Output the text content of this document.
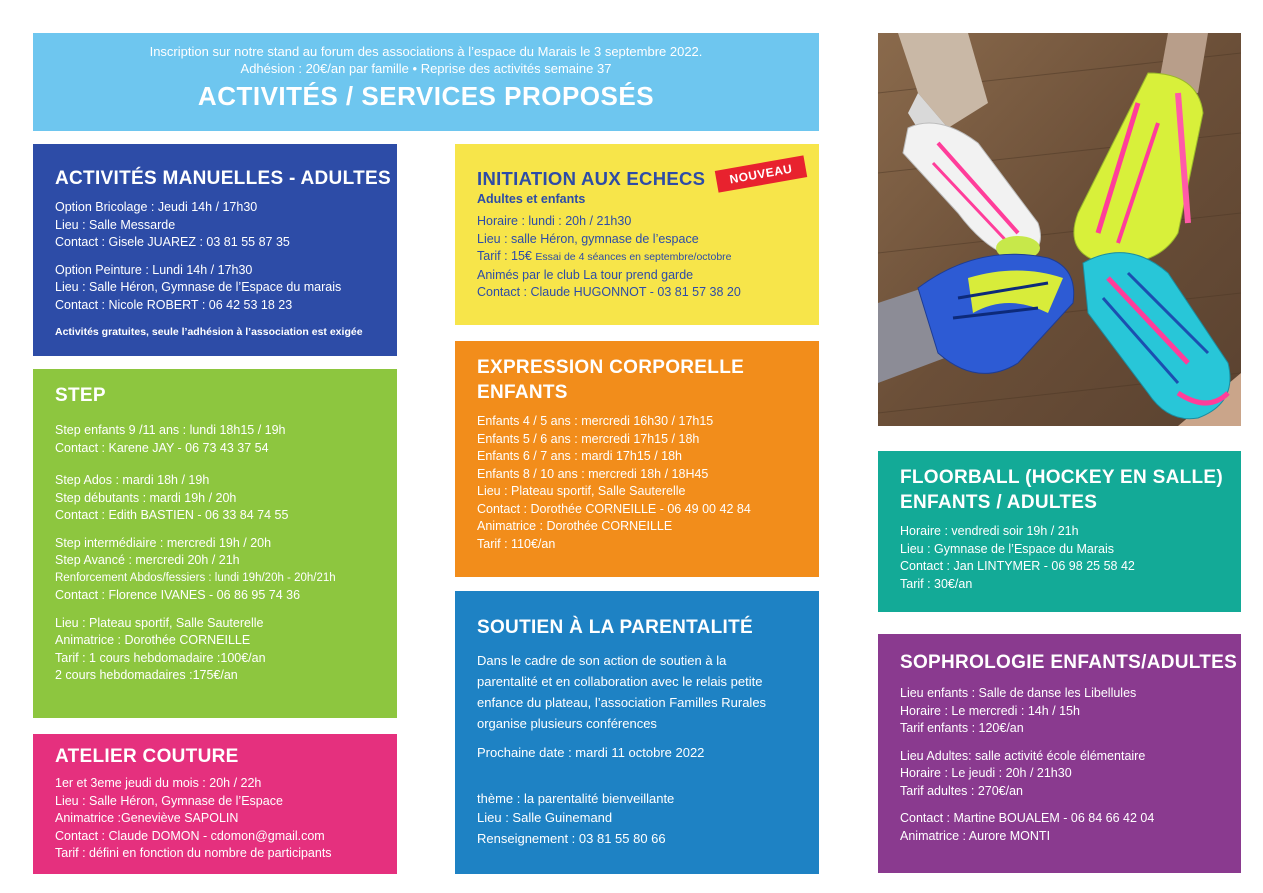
Inscription sur notre stand au forum des associations à l’espace du Marais le 3 septembre 2022.
Adhésion : 20€/an par famille • Reprise des activités semaine 37
ACTIVITÉS / SERVICES PROPOSÉS
ACTIVITÉS MANUELLES - ADULTES

Option Bricolage : Jeudi 14h / 17h30

Lieu : Salle Messarde

Contact : Gisele JUAREZ : 03 81 55 87 35

Option Peinture : Lundi 14h / 17h30

Lieu : Salle Héron, Gymnase de l’Espace du marais

Contact : Nicole ROBERT : 06 42 53 18 23

Activités gratuites, seule l’adhésion à l’association est exigée

STEP

Step enfants 9 /11 ans : lundi 18h15 / 19h

Contact : Karene JAY - 06 73 43 37 54

Step Ados : mardi 18h / 19h

Step débutants : mardi 19h / 20h

Contact : Edith BASTIEN - 06 33 84 74 55

Step intermédiaire : mercredi 19h / 20h

Step Avancé : mercredi 20h / 21h

Renforcement Abdos/fessiers : lundi 19h/20h - 20h/21h

Contact : Florence IVANES - 06 86 95 74 36

Lieu : Plateau sportif, Salle Sauterelle

Animatrice : Dorothée CORNEILLE

Tarif : 1 cours hebdomadaire :100€/an

2 cours hebdomadaires :175€/an

ATELIER COUTURE

1er et 3eme jeudi du mois : 20h / 22h

Lieu : Salle Héron, Gymnase de l’Espace

Animatrice :Geneviève SAPOLIN

Contact : Claude DOMON - cdomon@gmail.com

Tarif : défini en fonction du nombre de participants

INITIATION AUX ECHECS
Adultes et enfants

Horaire : lundi : 20h / 21h30

Lieu : salle Héron, gymnase de l’espace

Tarif : 15€ Essai de 4 séances en septembre/octobre

Animés par le club La tour prend garde

Contact : Claude HUGONNOT - 03 81 57 38 20

NOUVEAU
EXPRESSION CORPORELLE
ENFANTS

Enfants 4 / 5 ans : mercredi 16h30 / 17h15

Enfants 5 / 6 ans : mercredi 17h15 / 18h

Enfants 6 / 7 ans : mardi 17h15 / 18h

Enfants 8 / 10 ans : mercredi 18h / 18H45

Lieu : Plateau sportif, Salle Sauterelle

Contact : Dorothée CORNEILLE - 06 49 00 42 84

Animatrice : Dorothée CORNEILLE

Tarif : 110€/an

SOUTIEN À LA PARENTALITÉ

Dans le cadre de son action de soutien à la parentalité et en collaboration avec le relais petite enfance du plateau, l’association Familles Rurales organise plusieurs conférences

Prochaine date : mardi 11 octobre 2022

thème : la parentalité bienveillante

Lieu : Salle Guinemand

Renseignement : 03 81 55 80 66

FLOORBALL (HOCKEY EN SALLE)
ENFANTS / ADULTES

Horaire : vendredi soir 19h / 21h

Lieu : Gymnase de l’Espace du Marais

Contact : Jan LINTYMER - 06 98 25 58 42

Tarif : 30€/an

SOPHROLOGIE ENFANTS/ADULTES

Lieu enfants : Salle de danse les Libellules

Horaire : Le mercredi : 14h / 15h

Tarif enfants : 120€/an

Lieu Adultes: salle activité école élémentaire

Horaire : Le jeudi : 20h / 21h30

Tarif adultes : 270€/an

Contact : Martine BOUALEM - 06 84 66 42 04

Animatrice : Aurore MONTI
